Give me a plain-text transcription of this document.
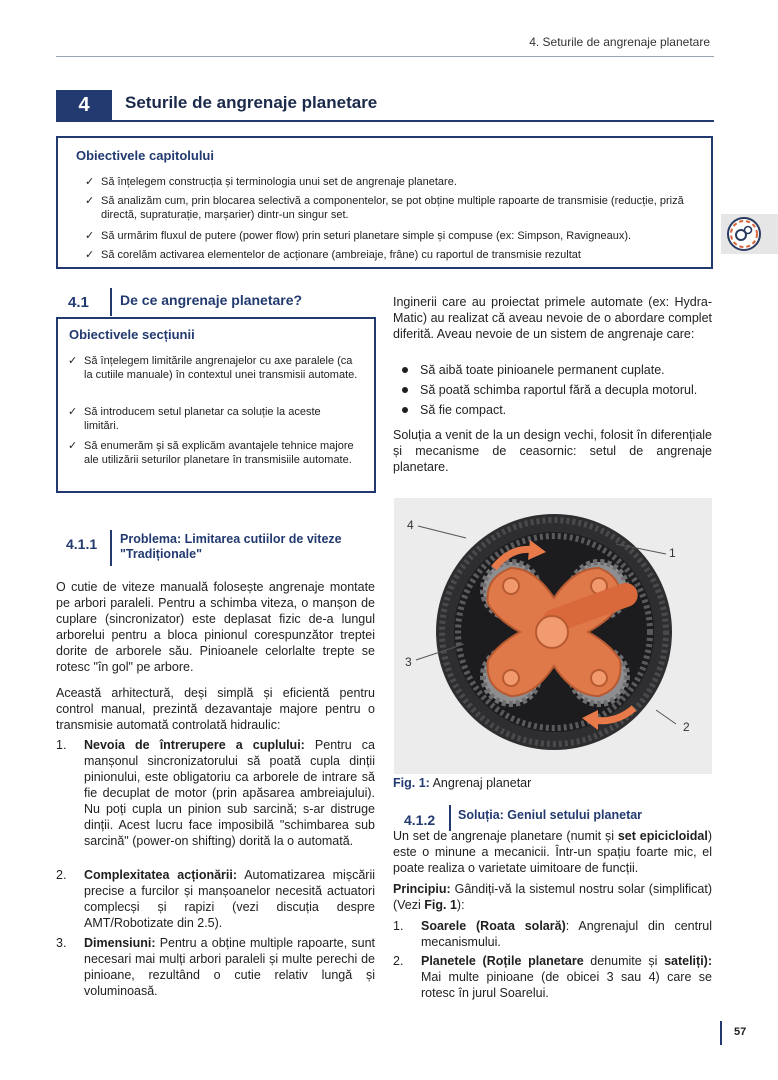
4. Seturile de angrenaje planetare
4	Seturile de angrenaje planetare
Obiectivele capitolului
✓ Să înțelegem construcția și terminologia unui set de angrenaje planetare.
✓ Să analizăm cum, prin blocarea selectivă a componentelor, se pot obține multiple rapoarte de transmisie (reducție, priză directă, supraturație, marșarier) dintr-un singur set.
✓ Să urmărim fluxul de putere (power flow) prin seturi planetare simple și compuse (ex: Simpson, Ravigneaux).
✓ Să corelăm activarea elementelor de acționare (ambreiaje, frâne) cu raportul de transmisie rezultat
4.1 De ce angrenaje planetare?
Obiectivele secțiunii
✓ Să înțelegem limitările angrenajelor cu axe paralele (ca la cutiile manuale) în contextul unei transmisii automate.
✓ Să introducem setul planetar ca soluție la aceste limitări.
✓ Să enumerăm și să explicăm avantajele tehnice majore ale utilizării seturilor planetare în transmisiile automate.
4.1.1 Problema: Limitarea cutiilor de viteze
"Tradiționale"
O cutie de viteze manuală folosește angrenaje montate pe arbori paraleli. Pentru a schimba viteza, o manșon de cuplare (sincronizator) este deplasat fizic de-a lungul arborelui pentru a bloca pinionul corespunzător treptei dorite de arborele său. Pinioanele celorlalte trepte se rotesc "în gol" pe arbore.
Această arhitectură, deși simplă și eficientă pentru control manual, prezintă dezavantaje majore pentru o transmisie automată controlată hidraulic:
1. Nevoia de întrerupere a cuplului: Pentru ca manșonul sincronizatorului să poată cupla dinții pinionului, este obligatoriu ca arborele de intrare să fie decuplat de motor (prin apăsarea ambreiajului). Nu poți cupla un pinion sub sarcină; s-ar distruge dinții. Acest lucru face imposibilă "schimbarea sub sarcină" (power-on shifting) dorită la o automată.
2. Complexitatea acționării: Automatizarea mișcării precise a furcilor și manșoanelor necesită actuatori complecși și rapizi (vezi discuția despre AMT/Robotizate din 2.5).
3. Dimensiuni: Pentru a obține multiple rapoarte, sunt necesari mai mulți arbori paraleli și multe perechi de pinioane, rezultând o cutie relativ lungă și voluminoasă.
Inginerii care au proiectat primele automate (ex: Hydra-Matic) au realizat că aveau nevoie de o abordare complet diferită. Aveau nevoie de un sistem de angrenaje care:
Să aibă toate pinioanele permanent cuplate.
Să poată schimba raportul fără a decupla motorul.
Să fie compact.
Soluția a venit de la un design vechi, folosit în diferențiale și mecanisme de ceasornic: setul de angrenaje planetare.
4
1
3
2
Fig. 1: Angrenaj planetar
4.1.2 Soluția: Geniul setului planetar
Un set de angrenaje planetare (numit și set epicicloidal) este o minune a mecanicii. Într-un spațiu foarte mic, el poate realiza o varietate uimitoare de funcții.
Principiu: Gândiți-vă la sistemul nostru solar (simplificat) (Vezi Fig. 1):
1. Soarele (Roata solară): Angrenajul din centrul mecanismului.
2. Planetele (Roțile planetare denumite și sateliți): Mai multe pinioane (de obicei 3 sau 4) care se rotesc în jurul Soarelui.
57
